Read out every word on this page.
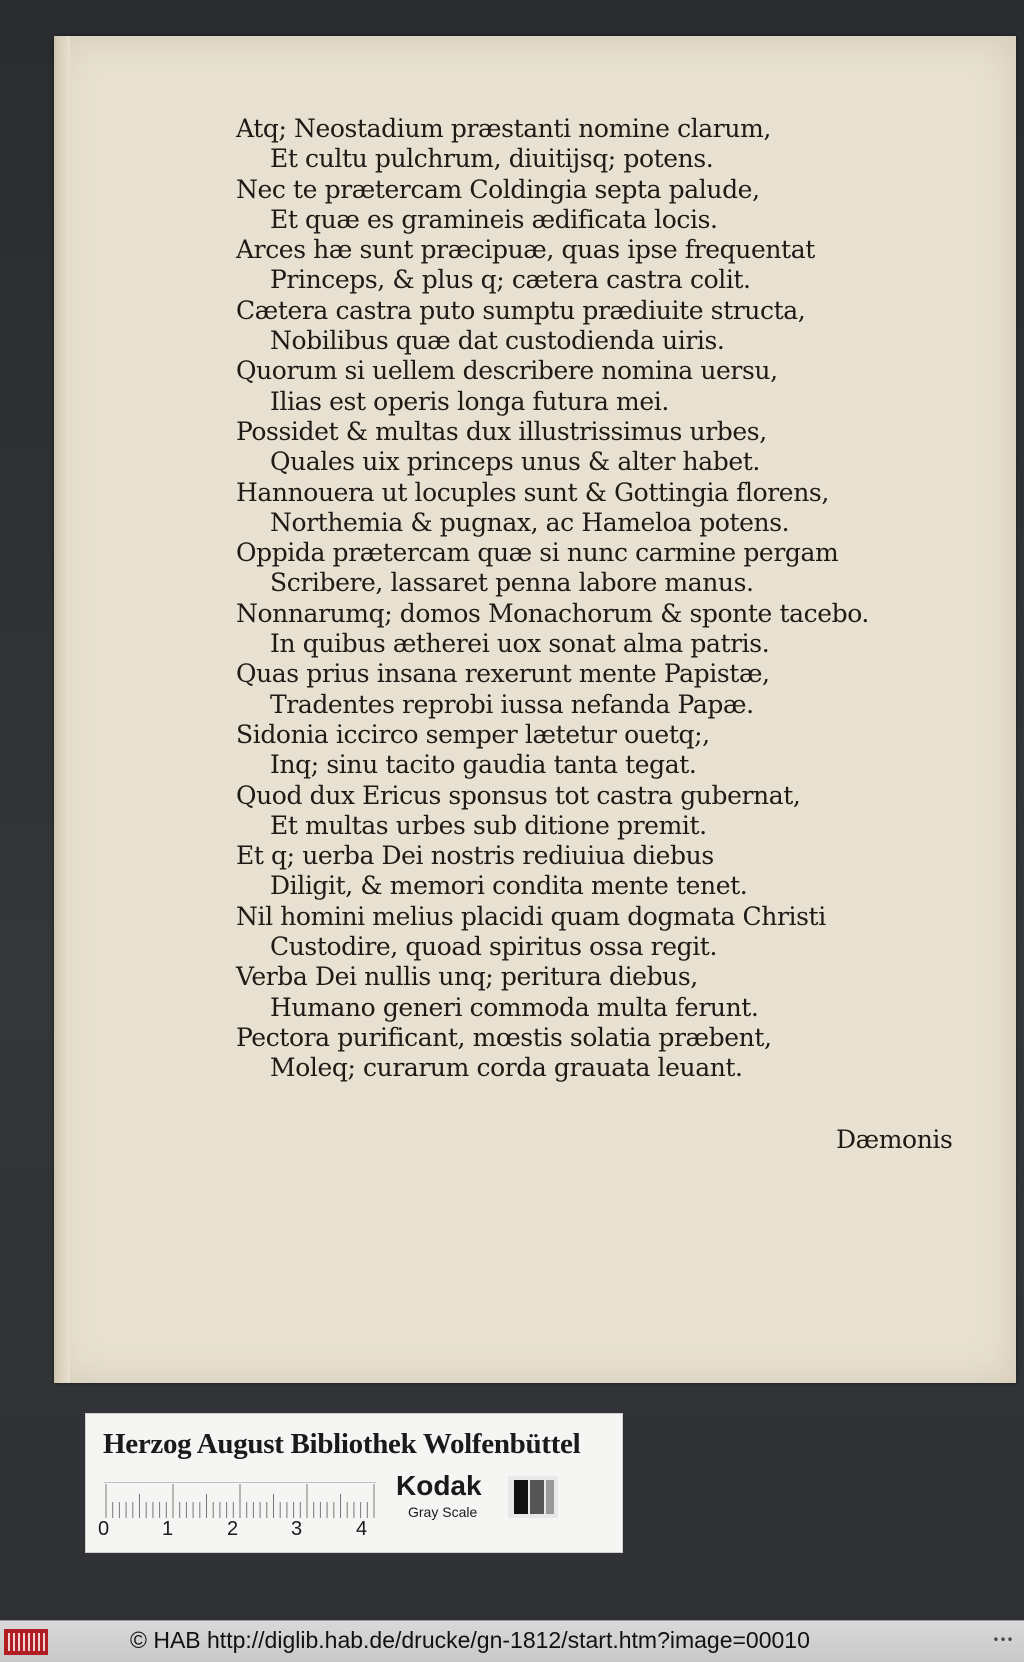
Atq; Neostadium præstanti nomine clarum,
Et cultu pulchrum, diuitijsq; potens.
Nec te prætercam Coldingia septa palude,
Et quæ es gramineis ædificata locis.
Arces hæ sunt præcipuæ, quas ipse frequentat
Princeps, & plus q; cætera castra colit.
Cætera castra puto sumptu prædiuite structa,
Nobilibus quæ dat custodienda uiris.
Quorum si uellem describere nomina uersu,
Ilias est operis longa futura mei.
Possidet & multas dux illustrissimus urbes,
Quales uix princeps unus & alter habet.
Hannouera ut locuples sunt & Gottingia florens,
Northemia & pugnax, ac Hameloa potens.
Oppida prætercam quæ si nunc carmine pergam
Scribere, lassaret penna labore manus.
Nonnarumq; domos Monachorum & sponte tacebo.
In quibus ætherei uox sonat alma patris.
Quas prius insana rexerunt mente Papistæ,
Tradentes reprobi iussa nefanda Papæ.
Sidonia iccirco semper lætetur ouetq;,
Inq; sinu tacito gaudia tanta tegat.
Quod dux Ericus sponsus tot castra gubernat,
Et multas urbes sub ditione premit.
Et q; uerba Dei nostris rediuiua diebus
Diligit, & memori condita mente tenet.
Nil homini melius placidi quam dogmata Christi
Custodire, quoad spiritus ossa regit.
Verba Dei nullis unq; peritura diebus,
Humano generi commoda multa ferunt.
Pectora purificant, mœstis solatia præbent,
Moleq; curarum corda grauata leuant.
Dæmonis
Herzog August Bibliothek Wolfenbüttel
0	1	2	3	4
Kodak
Gray Scale
© HAB http://diglib.hab.de/drucke/gn-1812/start.htm?image=00010	•••
